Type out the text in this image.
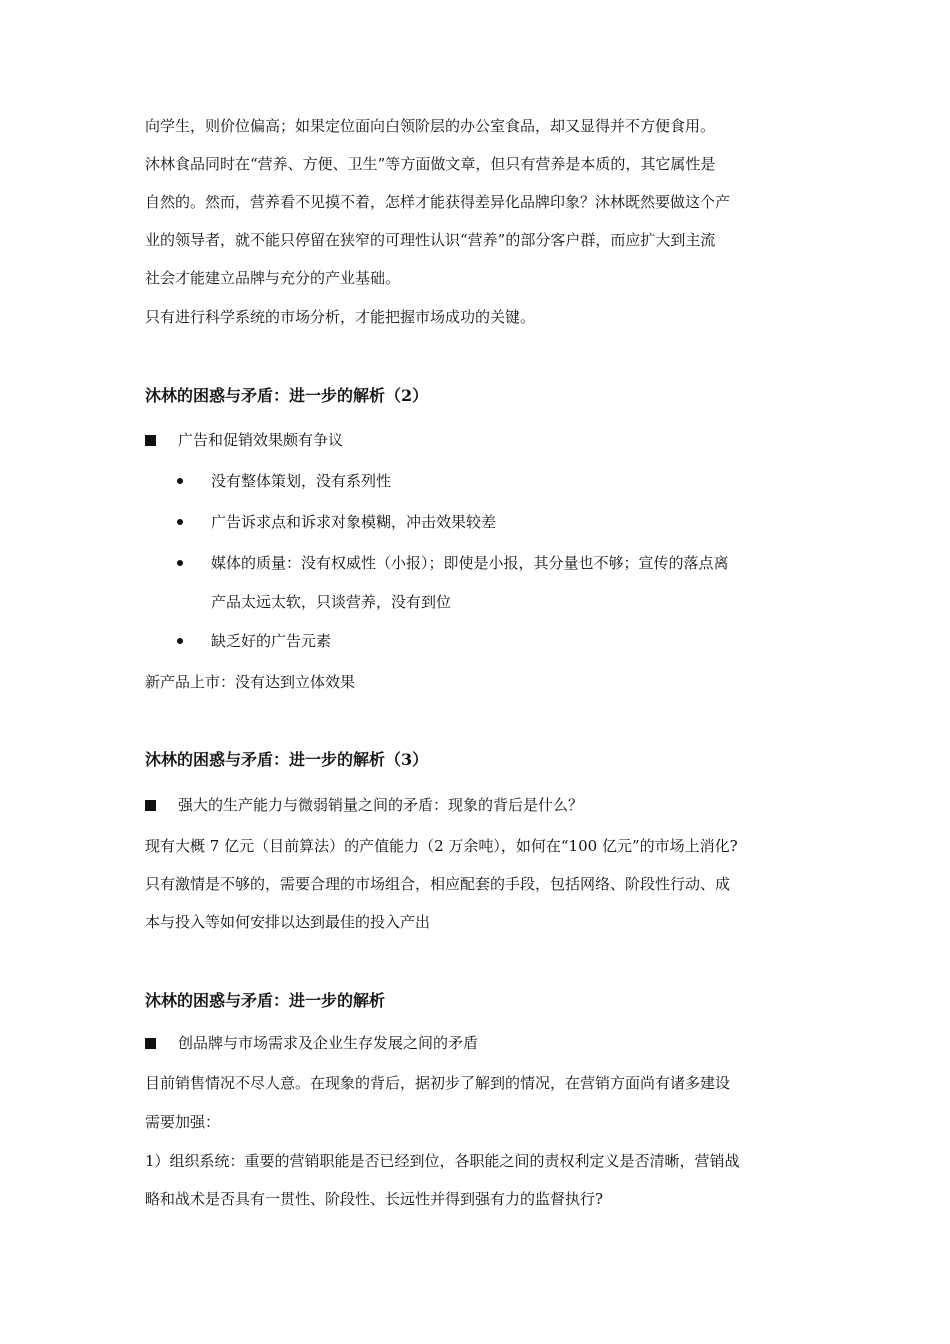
向学生，则价位偏高；如果定位面向白领阶层的办公室食品，却又显得并不方便食用。
沐林食品同时在“营养、方便、卫生”等方面做文章，但只有营养是本质的，其它属性是
自然的。然而，营养看不见摸不着，怎样才能获得差异化品牌印象？沐林既然要做这个产
业的领导者，就不能只停留在狭窄的可理性认识“营养”的部分客户群，而应扩大到主流
社会才能建立品牌与充分的产业基础。
只有进行科学系统的市场分析，才能把握市场成功的关键。
沐林的困惑与矛盾：进一步的解析（2）
广告和促销效果颇有争议
没有整体策划，没有系列性
广告诉求点和诉求对象模糊，冲击效果较差
媒体的质量：没有权威性（小报）；即使是小报，其分量也不够；宣传的落点离
产品太远太软，只谈营养，没有到位
缺乏好的广告元素
新产品上市：没有达到立体效果
沐林的困惑与矛盾：进一步的解析（3）
强大的生产能力与微弱销量之间的矛盾：现象的背后是什么？
现有大概 7 亿元（目前算法）的产值能力（2 万余吨），如何在“100 亿元”的市场上消化?
只有激情是不够的，需要合理的市场组合，相应配套的手段，包括网络、阶段性行动、成
本与投入等如何安排以达到最佳的投入产出
沐林的困惑与矛盾：进一步的解析
创品牌与市场需求及企业生存发展之间的矛盾
目前销售情况不尽人意。在现象的背后，据初步了解到的情况，在营销方面尚有诸多建设
需要加强：
1）组织系统：重要的营销职能是否已经到位，各职能之间的责权利定义是否清晰，营销战
略和战术是否具有一贯性、阶段性、长远性并得到强有力的监督执行?
